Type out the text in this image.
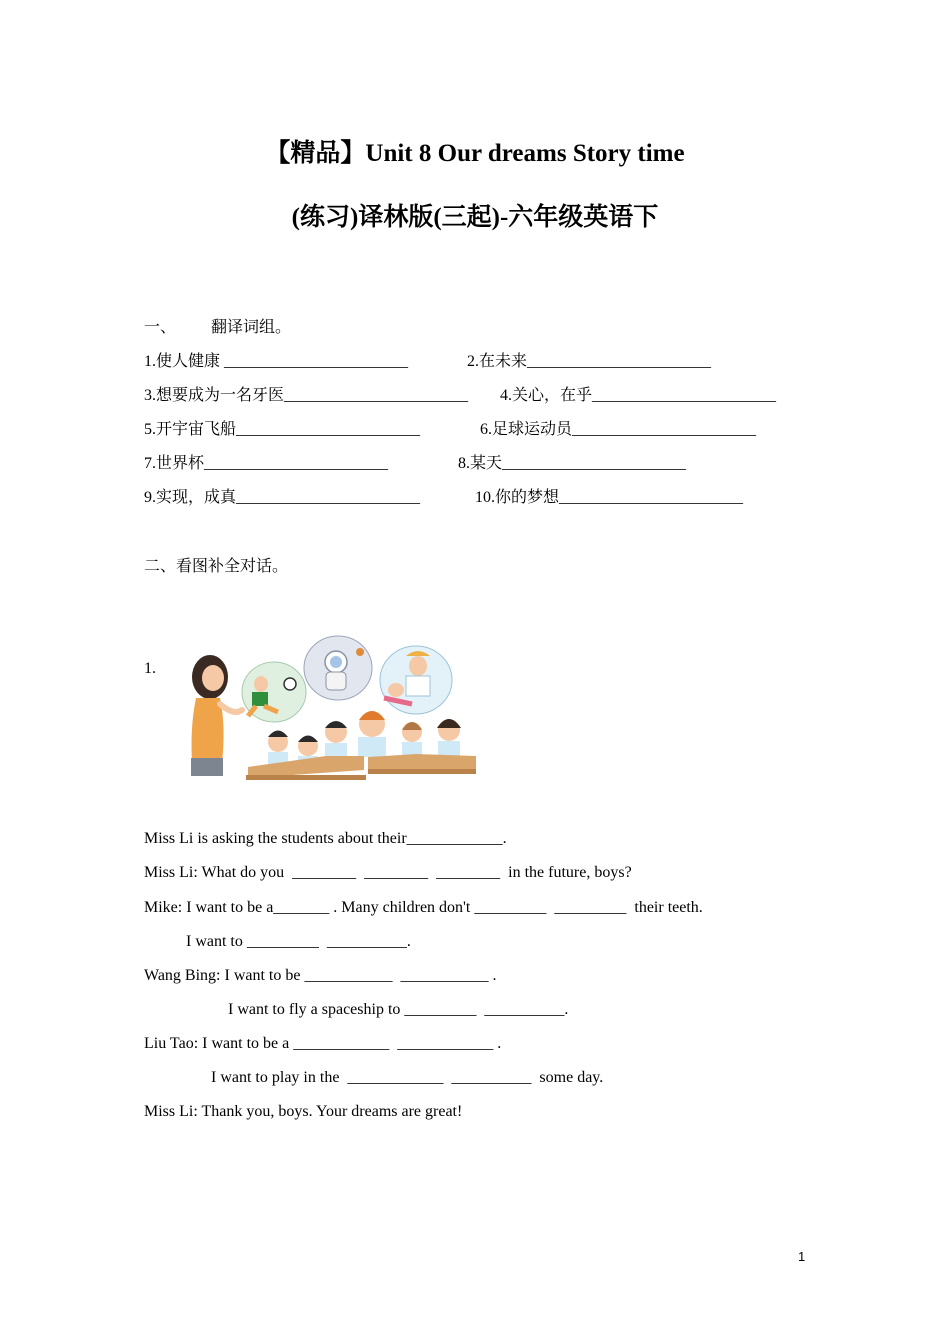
【精品】Unit 8 Our dreams Story time
(练习)译林版(三起)-六年级英语下
一、 翻译词组。
1.使人健康 _______________________	2.在未来_______________________
3.想要成为一名牙医_______________________ 4.关心，在乎_______________________
5.开宇宙飞船_______________________	6.足球运动员_______________________
7.世界杯_______________________	8.某天_______________________
9.实现，成真_______________________	10.你的梦想_______________________
二、看图补全对话。
1.
Miss Li is asking the students about their____________.
Miss Li: What do you  ________  ________  ________  in the future, boys?
Mike: I want to be a_______ . Many children don't _________  _________  their teeth.
I want to _________  __________.
Wang Bing: I want to be ___________  ___________ .
I want to fly a spaceship to _________  __________.
Liu Tao: I want to be a ____________  ____________ .
I want to play in the  ____________  __________  some day.
Miss Li: Thank you, boys. Your dreams are great!
1
